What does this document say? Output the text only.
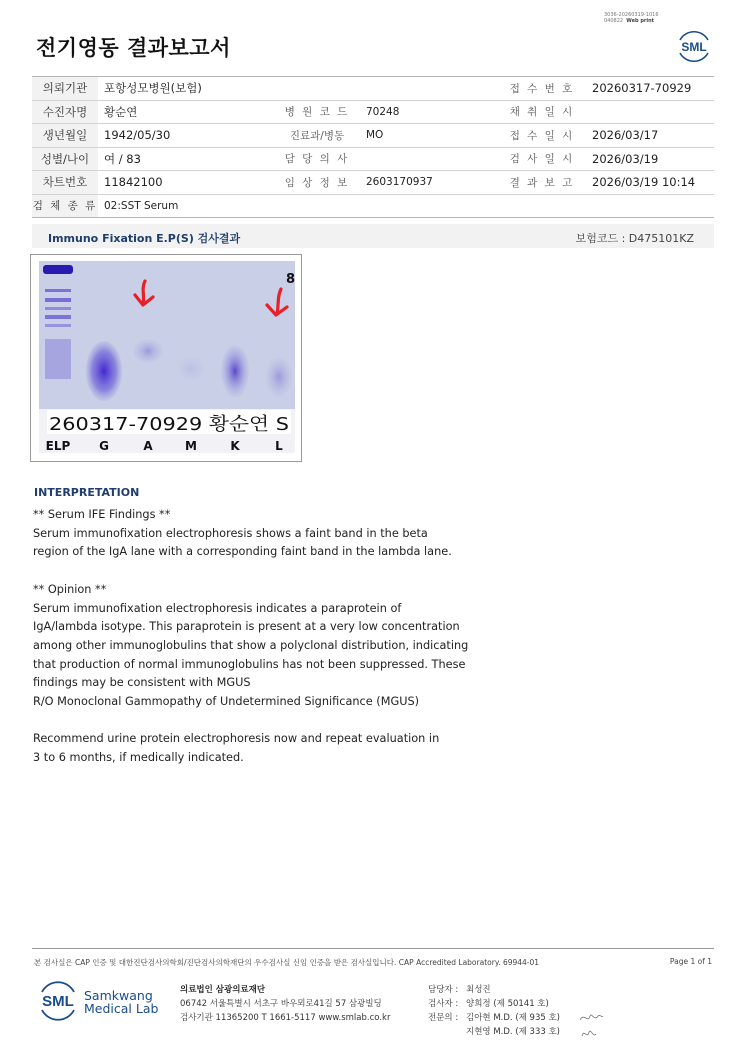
3036-20260319-1016
040822 Web print
전기영동 결과보고서	SML
의뢰기관	포항성모병원(보험)			접 수 번 호	20260317-70929
수진자명	황순연	병 원 코 드	70248	채 취 일 시	
생년월일	1942/05/30	진료과/병동	MO	접 수 일 시	2026/03/17
성별/나이	여 / 83	담 당 의 사		검 사 일 시	2026/03/19
차트번호	11842100	임 상 정 보	2603170937	결 과 보 고	2026/03/19 10:14
검 체 종 류	02:SST Serum				
Immuno Fixation E.P(S) 검사결과	보험코드 : D475101KZ
8
260317-70929 황순연 S
ELP G	A	M	K	L
INTERPRETATION

** Serum IFE Findings **

Serum immunofixation electrophoresis shows a faint band in the beta

region of the IgA lane with a corresponding faint band in the lambda lane.

** Opinion **

Serum immunofixation electrophoresis indicates a paraprotein of

IgA/lambda isotype. This paraprotein is present at a very low concentration

among other immunoglobulins that show a polyclonal distribution, indicating

that production of normal immunoglobulins has not been suppressed. These

findings may be consistent with MGUS

R/O Monoclonal Gammopathy of Undetermined Significance (MGUS)

Recommend urine protein electrophoresis now and repeat evaluation in

3 to 6 months, if medically indicated.

본 검사실은 CAP 인증 및 대한진단검사의학회/진단검사의학재단의 우수검사실 신임 인증을 받은 검사실입니다. CAP Accredited Laboratory. 69944-01	Page 1 of 1
SML Samkwang
Medical Lab
의료법인 삼광의료재단
06742 서울특별시 서초구 바우뫼로41길 57 삼광빌딩
검사기관 11365200 T 1661-5117 www.smlab.co.kr
담당자 : 최성진
검사자 : 양희정 (제 50141 호)
전문의 : 김아현 M.D. (제 935 호)
지현영 M.D. (제 333 호)
